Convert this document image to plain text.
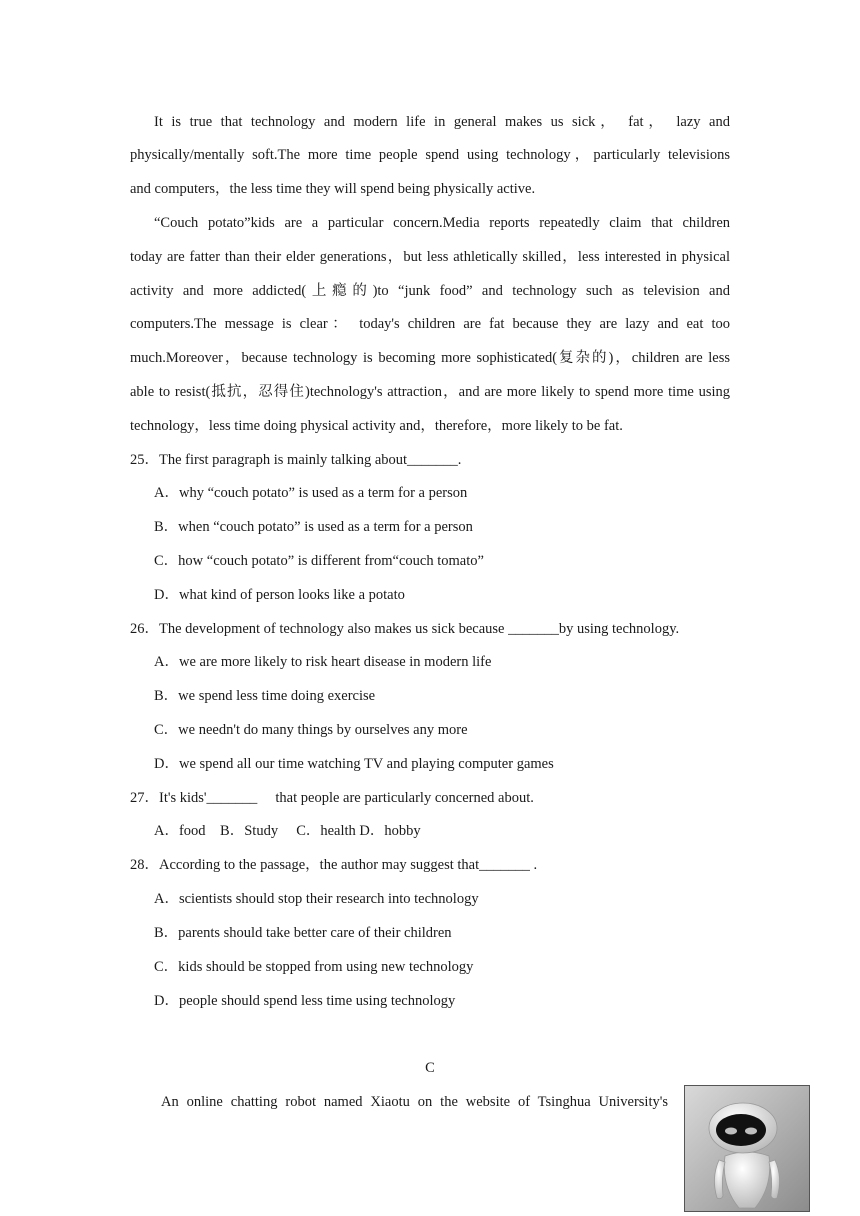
It is true that technology and modern life in general makes us sick， fat， lazy and
physically/mentally soft.The more time people spend using technology，particularly televisions
and computers，the less time they will spend being physically active.
“Couch potato”kids are a particular concern.Media reports repeatedly claim that children
today are fatter than their elder generations，but less athletically skilled，less interested in physical
activity and more addicted(上瘾的)to “junk food” and technology such as television and
computers.The message is clear： today's children are fat because they are lazy and eat too
much.Moreover，because technology is becoming more sophisticated(复杂的)，children are less
able to resist(抵抗，忍得住)technology's attraction，and are more likely to spend more time using
technology，less time doing physical activity and，therefore，more likely to be fat.
25．The first paragraph is mainly talking about_______.
A．why “couch potato” is used as a term for a person
B．when “couch potato” is used as a term for a person
C．how “couch potato” is different from“couch tomato”
D．what kind of person looks like a potato
26．The development of technology also makes us sick because _______by using technology.
A．we are more likely to risk heart disease in modern life
B．we spend less time doing exercise
C．we needn't do many things by ourselves any more
D．we spend all our time watching TV and playing computer games
27．It's kids'_______　 that people are particularly concerned about.
A．food　B．Study　 C．health D．hobby
28．According to the passage，the author may suggest that_______ .
A．scientists should stop their research into technology
B．parents should take better care of their children
C．kids should be stopped from using new technology
D．people should spend less time using technology
C
An online chatting robot named Xiaotu on the website of Tsinghua University's
